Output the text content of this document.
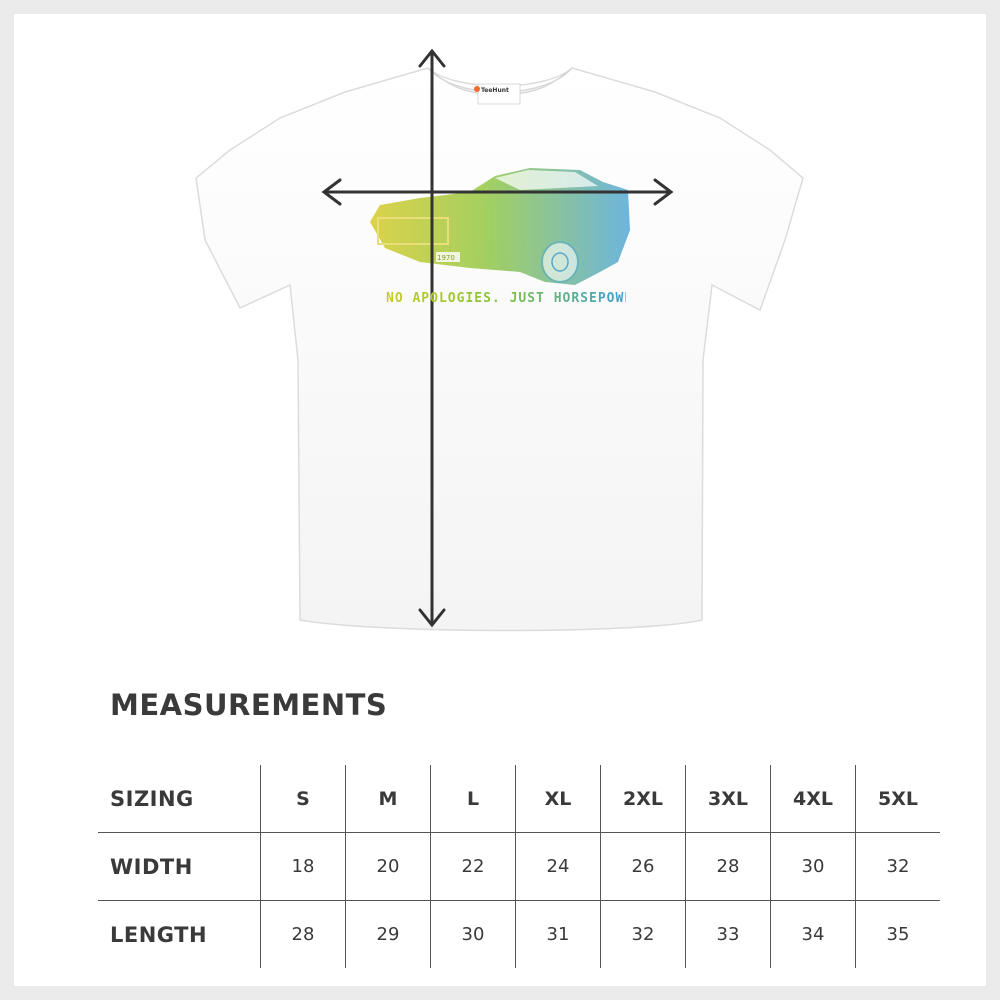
TeeHunt
1970
NO APOLOGIES. JUST HORSEPOWER.
MEASUREMENTS
SIZING	S	M	L	XL	2XL	3XL	4XL	5XL
WIDTH	18	20	22	24	26	28	30	32
LENGTH	28	29	30	31	32	33	34	35
